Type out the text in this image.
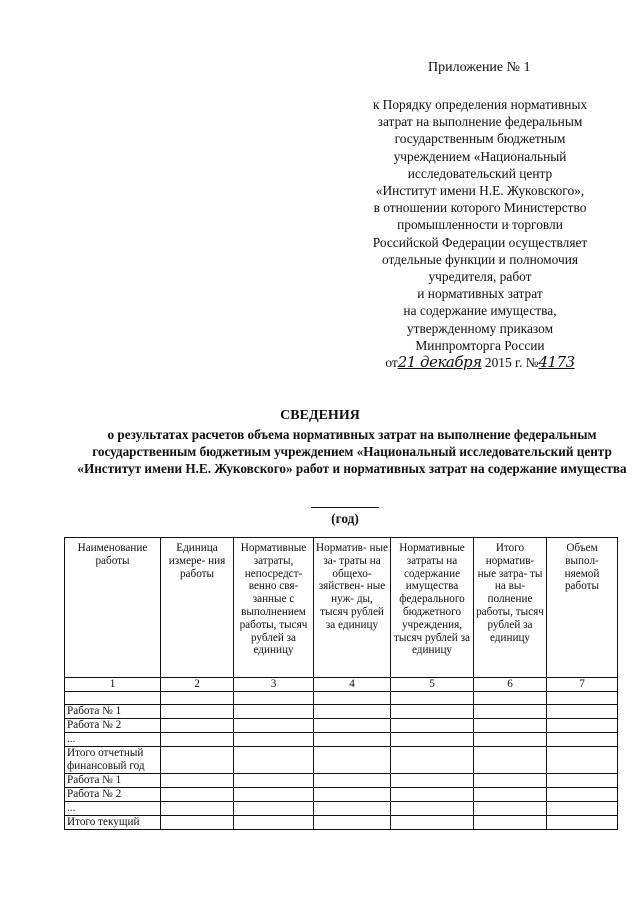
Приложение № 1
к Порядку определения нормативных
затрат на выполнение федеральным
государственным бюджетным
учреждением «Национальный
исследовательский центр
«Институт имени Н.Е. Жуковского»,
в отношении которого Министерство
промышленности и торговли
Российской Федерации осуществляет
отдельные функции и полномочия
учредителя, работ
и нормативных затрат
на содержание имущества,
утвержденному приказом
Минпромторга России
от21 декабря 2015 г. №4173
СВЕДЕНИЯ
о результатах расчетов объема нормативных затрат на выполнение федеральным государственным бюджетным учреждением «Национальный исследовательский центр «Институт имени Н.Е. Жуковского» работ и нормативных затрат на содержание имущества
(год)
Наименование работы	Единица измере- ния работы	Нормативные затраты, непосредст- венно свя- занные с выполнением работы, тысяч рублей за единицу	Норматив- ные за- траты на общехо- зяйствен- ные нуж- ды, тысяч рублей за единицу	Нормативные затраты на содержание имущества федерального бюджетного учреждения, тысяч рублей за единицу	Итого норматив- ные затра- ты на вы- полнение работы, тысяч рублей за единицу	Объем выпол- няемой работы

1	2	3	4	5	6	7

Работа № 1						
Работа № 2						
...						
Итого отчетный финансовый год						
Работа № 1						
Работа № 2						
...						
Итого текущий						
